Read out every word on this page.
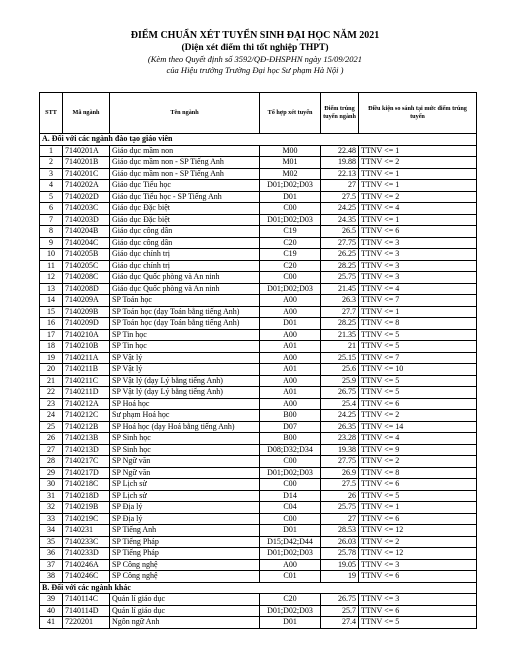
ĐIỂM CHUẨN XÉT TUYỂN SINH ĐẠI HỌC NĂM 2021
(Diện xét điểm thi tốt nghiệp THPT)
(Kèm theo Quyết định số 3592/QĐ-ĐHSPHN ngày 15/09/2021
của Hiệu trưởng Trường Đại học Sư phạm Hà Nội )
STT	Mã ngành	Tên ngành	Tổ hợp xét tuyển	Điểm trúng tuyển ngành	Điều kiện so sánh tại mức điểm trúng tuyển
A. Đối với các ngành đào tạo giáo viên					
1	7140201A	Giáo dục mầm non	M00	22.48	TTNV <= 1
2	7140201B	Giáo dục mầm non - SP Tiếng Anh	M01	19.88	TTNV <= 2
3	7140201C	Giáo dục mầm non - SP Tiếng Anh	M02	22.13	TTNV <= 1
4	7140202A	Giáo dục Tiểu học	D01;D02;D03	27	TTNV <= 1
5	7140202D	Giáo dục Tiểu học - SP Tiếng Anh	D01	27.5	TTNV <= 2
6	7140203C	Giáo dục Đặc biệt	C00	24.25	TTNV <= 4
7	7140203D	Giáo dục Đặc biệt	D01;D02;D03	24.35	TTNV <= 1
8	7140204B	Giáo dục công dân	C19	26.5	TTNV <= 6
9	7140204C	Giáo dục công dân	C20	27.75	TTNV <= 3
10	7140205B	Giáo dục chính trị	C19	26.25	TTNV <= 3
11	7140205C	Giáo dục chính trị	C20	28.25	TTNV <= 3
12	7140208C	Giáo dục Quốc phòng và An ninh	C00	25.75	TTNV <= 3
13	7140208D	Giáo dục Quốc phòng và An ninh	D01;D02;D03	21.45	TTNV <= 4
14	7140209A	SP Toán học	A00	26.3	TTNV <= 7
15	7140209B	SP Toán học (dạy Toán bằng tiếng Anh)	A00	27.7	TTNV <= 1
16	7140209D	SP Toán học (dạy Toán bằng tiếng Anh)	D01	28.25	TTNV <= 8
17	7140210A	SP Tin học	A00	21.35	TTNV <= 5
18	7140210B	SP Tin học	A01	21	TTNV <= 5
19	7140211A	SP Vật lý	A00	25.15	TTNV <= 7
20	7140211B	SP Vật lý	A01	25.6	TTNV <= 10
21	7140211C	SP Vật lý (dạy Lý bằng tiếng Anh)	A00	25.9	TTNV <= 5
22	7140211D	SP Vật lý (dạy Lý bằng tiếng Anh)	A01	26.75	TTNV <= 5
23	7140212A	SP Hoá học	A00	25.4	TTNV <= 6
24	7140212C	Sư phạm Hoá học	B00	24.25	TTNV <= 2
25	7140212B	SP Hoá học (dạy Hoá bằng tiếng Anh)	D07	26.35	TTNV <= 14
26	7140213B	SP Sinh học	B00	23.28	TTNV <= 4
27	7140213D	SP Sinh học	D08;D32;D34	19.38	TTNV <= 9
28	7140217C	SP Ngữ văn	C00	27.75	TTNV <= 2
29	7140217D	SP Ngữ văn	D01;D02;D03	26.9	TTNV <= 8
30	7140218C	SP Lịch sử	C00	27.5	TTNV <= 6
31	7140218D	SP Lịch sử	D14	26	TTNV <= 5
32	7140219B	SP Địa lý	C04	25.75	TTNV <= 1
33	7140219C	SP Địa lý	C00	27	TTNV <= 6
34	7140231	SP Tiếng Anh	D01	28.53	TTNV <= 12
35	7140233C	SP Tiếng Pháp	D15;D42;D44	26.03	TTNV <= 2
36	7140233D	SP Tiếng Pháp	D01;D02;D03	25.78	TTNV <= 12
37	7140246A	SP Công nghệ	A00	19.05	TTNV <= 3
38	7140246C	SP Công nghệ	C01	19	TTNV <= 6
B. Đối với các ngành khác					
39	7140114C	Quản lí giáo dục	C20	26.75	TTNV <= 3
40	7140114D	Quản lí giáo dục	D01;D02;D03	25.7	TTNV <= 6
41	7220201	Ngôn ngữ Anh	D01	27.4	TTNV <= 5
